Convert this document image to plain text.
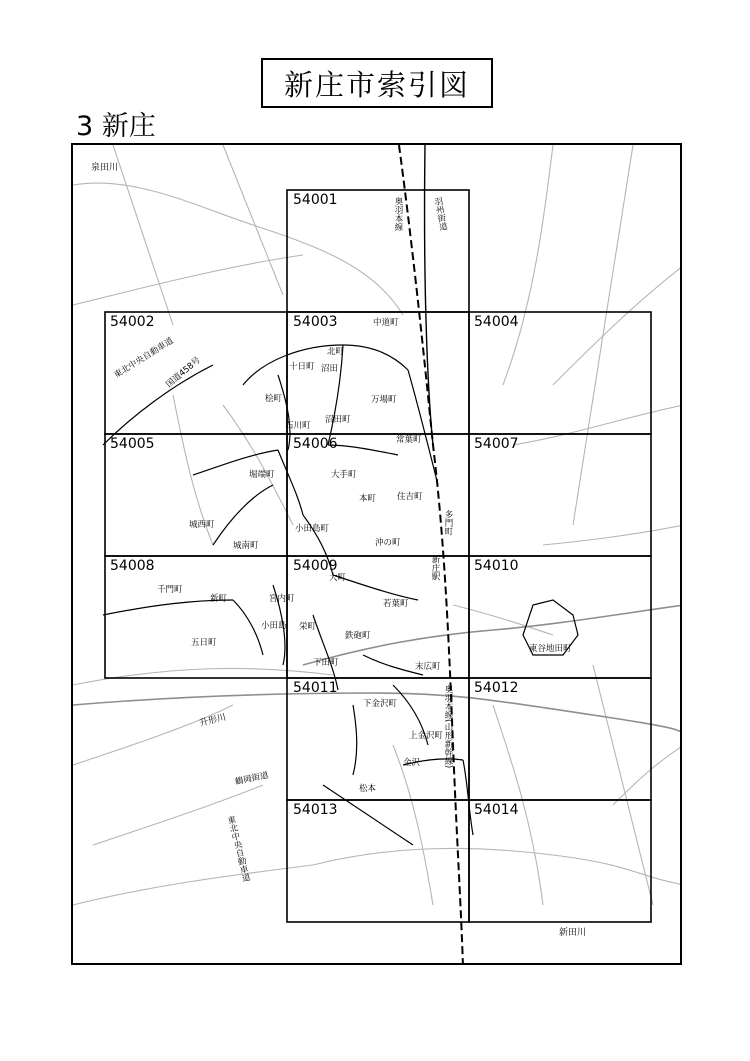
新庄市索引図
3 新庄
54001
54002	54003	54004
54005	54006	54007
54008	54009	54010
54011	54012
54013	54014
中道町
北町
十日町 沼田
桧町	万場町
沼田町
石川町
常葉町
堀端町	大手町
本町 住吉町
多門町
城西町
城南町
小田島町
沖の町
新庄駅
千門町
新町	宮内町
大町
若葉町
小田島 栄町
鉄砲町
五日町
下田町	末広町
東谷地田町
下金沢町
上金沢町
金沢
松本
奥羽本線	羽州街道
東北中央自動車道
国道458号
奥羽本線(山形新幹線)
鶴岡街道
東北中央自動車道
泉田川
升形川
新田川
